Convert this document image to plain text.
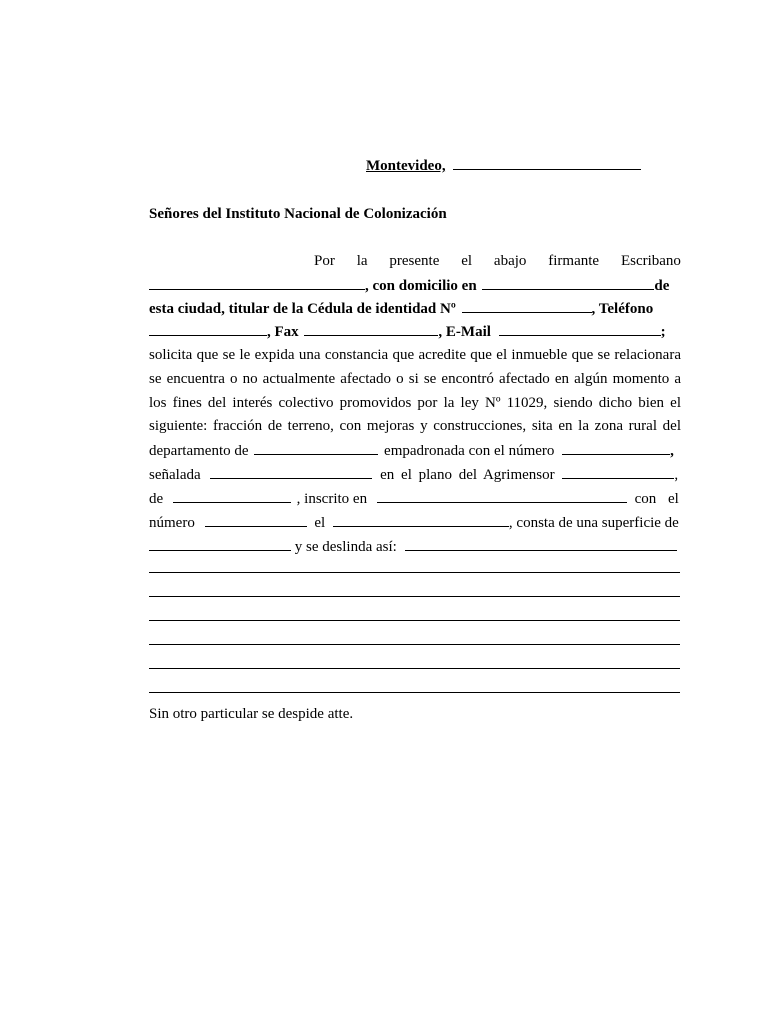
Montevideo,
Señores del Instituto Nacional de Colonización
Por la presente el abajo firmante Escribano
, con domicilio en	de
esta ciudad, titular de la Cédula de identidad Nº	, Teléfono
, Fax	, E-Mail	;
solicita que se le expida una constancia que acredite que el inmueble que se relacionara
se encuentra o no actualmente afectado o si se encontró afectado en algún momento a
los fines del interés colectivo promovidos por la ley Nº 11029, siendo dicho bien el
siguiente: fracción de terreno, con mejoras y construcciones, sita en la zona rural del
departamento de	empadronada con el número	,
señalada	en el plano del Agrimensor	,
de	, inscrito en	con el
número	el	, consta de una superficie de
y se deslinda así:
Sin otro particular se despide atte.
